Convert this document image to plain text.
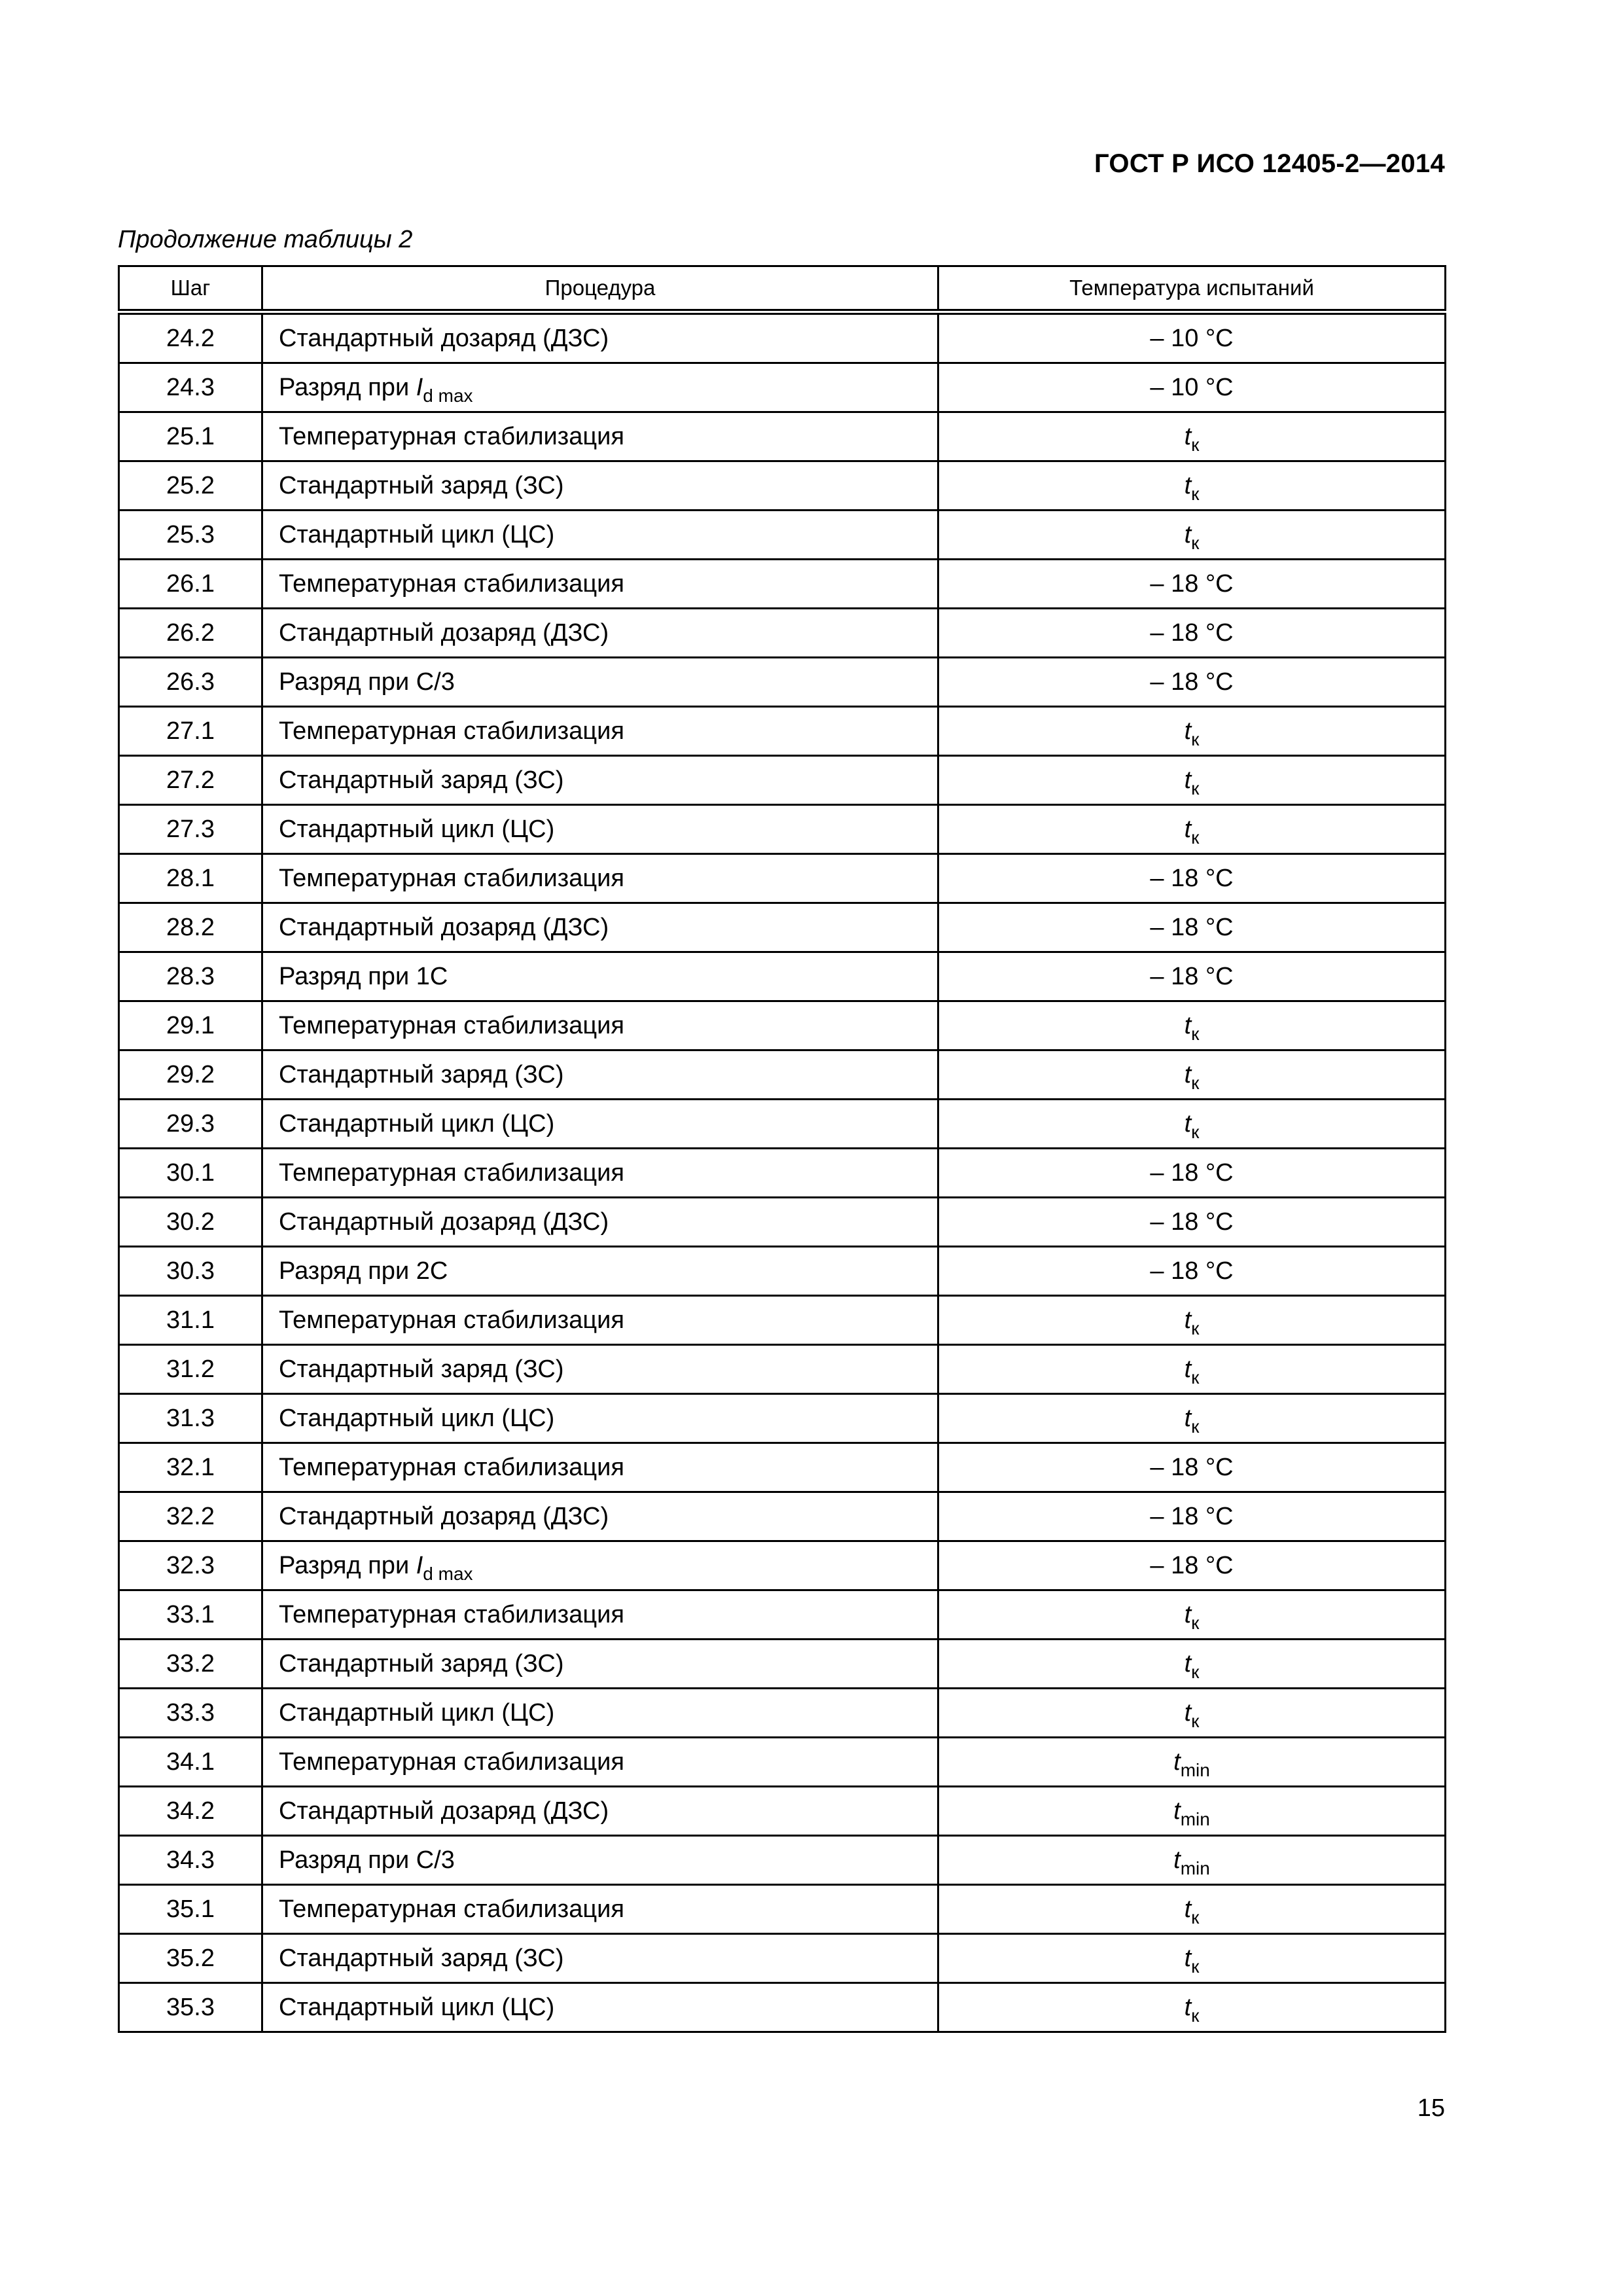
ГОСТ Р ИСО 12405-2—2014
Продолжение таблицы 2
Шаг	Процедура	Температура испытаний
24.2	Стандартный дозаряд (ДЗС)	– 10 °C
24.3	Разряд при $I_{d max}$	– 10 °C
25.1	Температурная стабилизация	$t_к$
25.2	Стандартный заряд (ЗС)	$t_к$
25.3	Стандартный цикл (ЦС)	$t_к$
26.1	Температурная стабилизация	– 18 °C
26.2	Стандартный дозаряд (ДЗС)	– 18 °C
26.3	Разряд при C/3	– 18 °C
27.1	Температурная стабилизация	$t_к$
27.2	Стандартный заряд (ЗС)	$t_к$
27.3	Стандартный цикл (ЦС)	$t_к$
28.1	Температурная стабилизация	– 18 °C
28.2	Стандартный дозаряд (ДЗС)	– 18 °C
28.3	Разряд при 1C	– 18 °C
29.1	Температурная стабилизация	$t_к$
29.2	Стандартный заряд (ЗС)	$t_к$
29.3	Стандартный цикл (ЦС)	$t_к$
30.1	Температурная стабилизация	– 18 °C
30.2	Стандартный дозаряд (ДЗС)	– 18 °C
30.3	Разряд при 2C	– 18 °C
31.1	Температурная стабилизация	$t_к$
31.2	Стандартный заряд (ЗС)	$t_к$
31.3	Стандартный цикл (ЦС)	$t_к$
32.1	Температурная стабилизация	– 18 °C
32.2	Стандартный дозаряд (ДЗС)	– 18 °C
32.3	Разряд при $I_{d max}$	– 18 °C
33.1	Температурная стабилизация	$t_к$
33.2	Стандартный заряд (ЗС)	$t_к$
33.3	Стандартный цикл (ЦС)	$t_к$
34.1	Температурная стабилизация	$t_{min}$
34.2	Стандартный дозаряд (ДЗС)	$t_{min}$
34.3	Разряд при C/3	$t_{min}$
35.1	Температурная стабилизация	$t_к$
35.2	Стандартный заряд (ЗС)	$t_к$
35.3	Стандартный цикл (ЦС)	$t_к$
15
